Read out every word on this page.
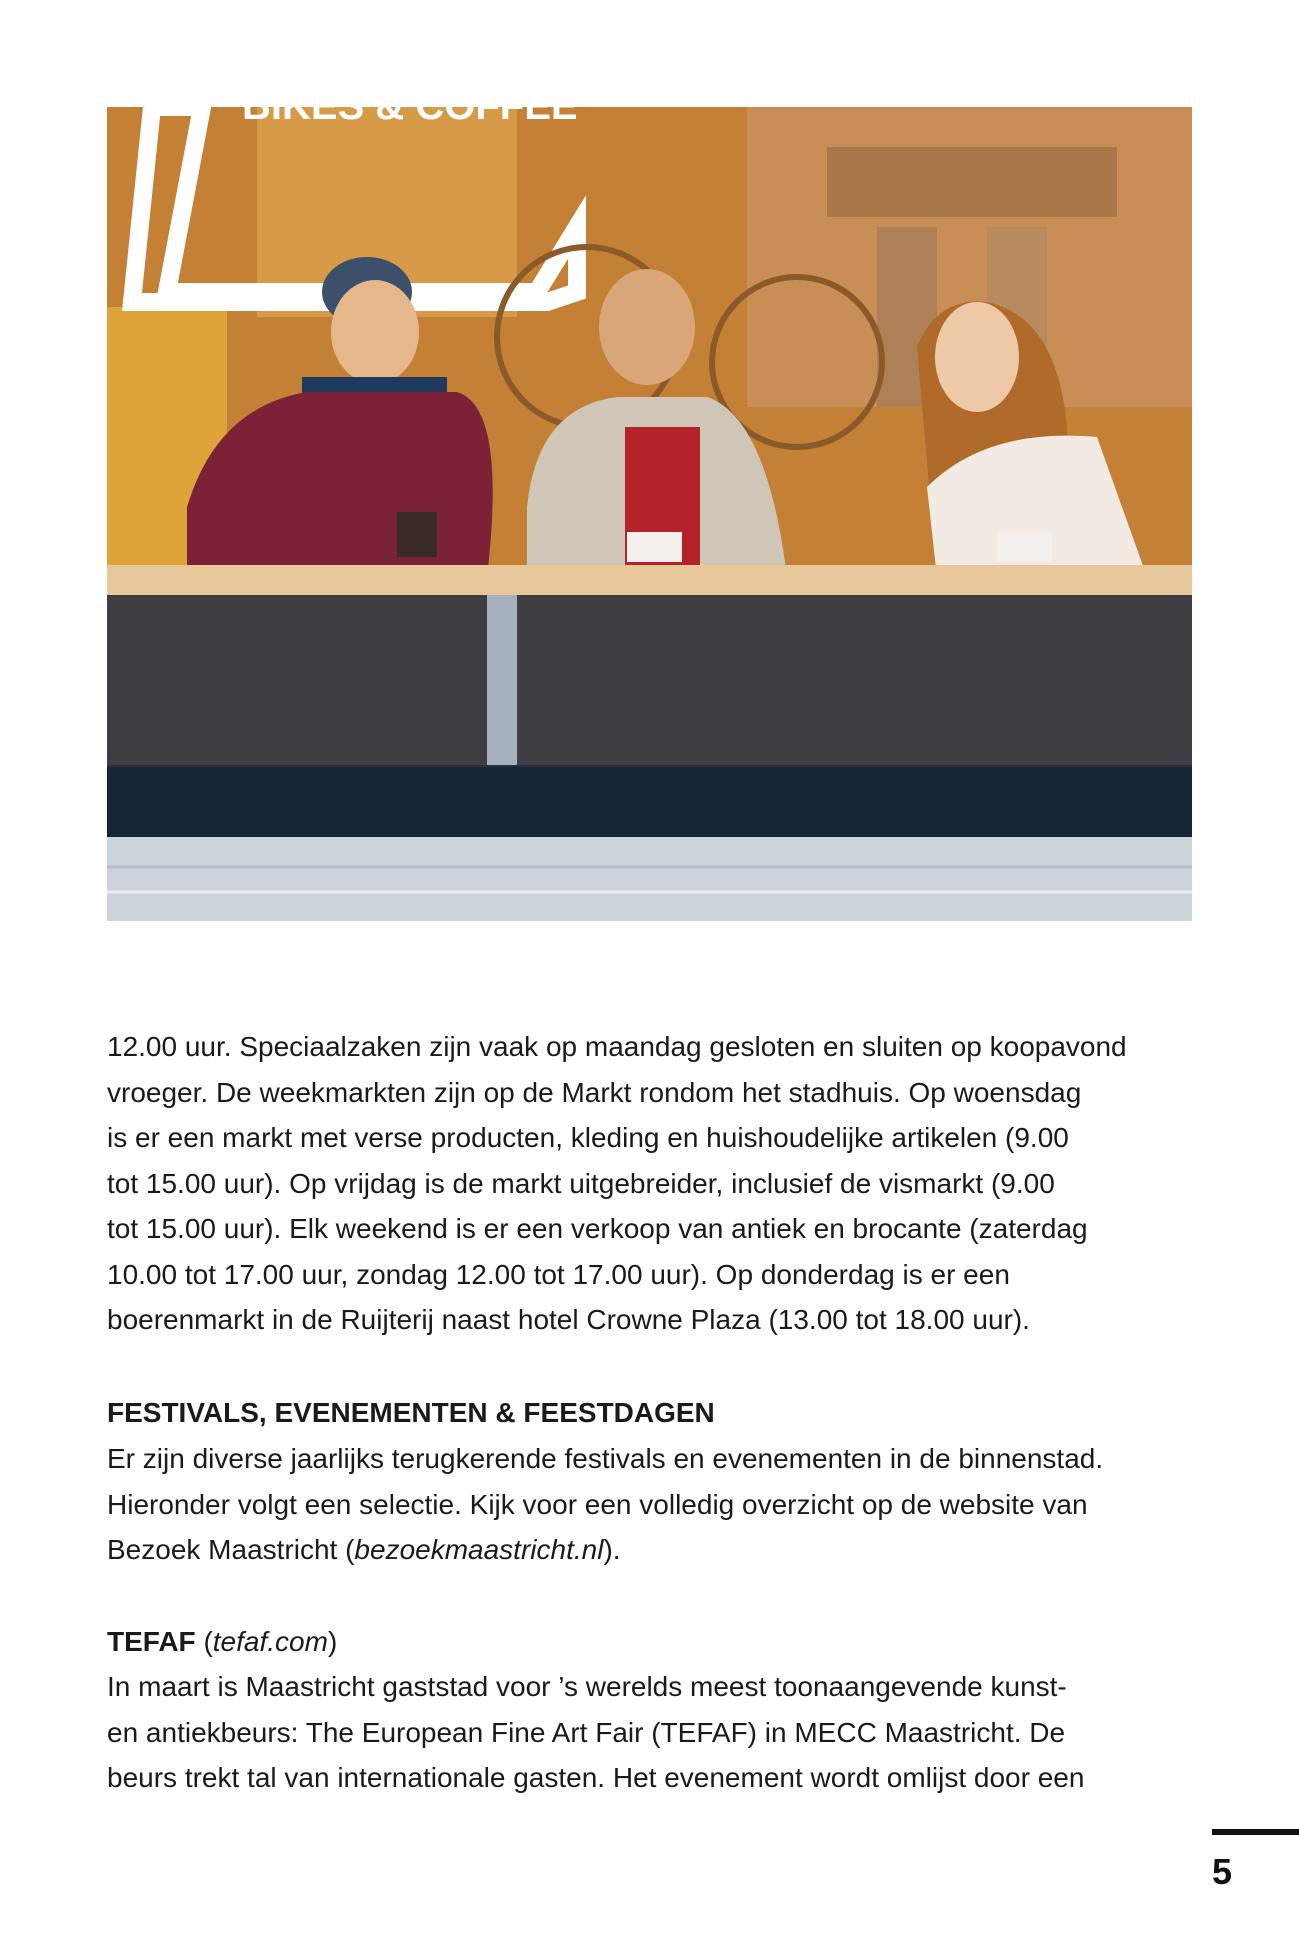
BIKES & COFFEE
12.00 uur. Speciaalzaken zijn vaak op maandag gesloten en sluiten op koopavond
vroeger. De weekmarkten zijn op de Markt rondom het stadhuis. Op woensdag
is er een markt met verse producten, kleding en huishoudelijke artikelen (9.00
tot 15.00 uur). Op vrijdag is de markt uitgebreider, inclusief de vismarkt (9.00
tot 15.00 uur). Elk weekend is er een verkoop van antiek en brocante (zaterdag
10.00 tot 17.00 uur, zondag 12.00 tot 17.00 uur). Op donderdag is er een
boerenmarkt in de Ruijterij naast hotel Crowne Plaza (13.00 tot 18.00 uur).
FESTIVALS, EVENEMENTEN & FEESTDAGEN
Er zijn diverse jaarlijks terugkerende festivals en evenementen in de binnenstad.
Hieronder volgt een selectie. Kijk voor een volledig overzicht op de website van
Bezoek Maastricht (bezoekmaastricht.nl).
TEFAF (tefaf.com)
In maart is Maastricht gaststad voor ’s werelds meest toonaangevende kunst-
en antiekbeurs: The European Fine Art Fair (TEFAF) in MECC Maastricht. De
beurs trekt tal van internationale gasten. Het evenement wordt omlijst door een
5
